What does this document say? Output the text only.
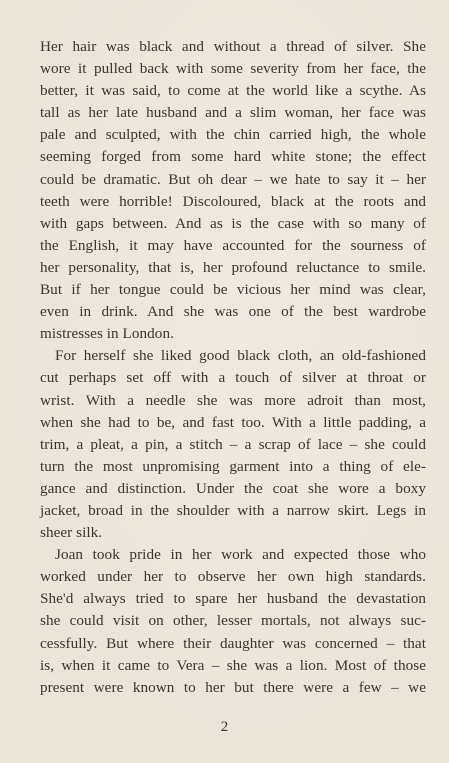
Her hair was black and without a thread of silver. She
wore it pulled back with some severity from her face, the
better, it was said, to come at the world like a scythe. As
tall as her late husband and a slim woman, her face was
pale and sculpted, with the chin carried high, the whole
seeming forged from some hard white stone; the effect
could be dramatic. But oh dear – we hate to say it – her
teeth were horrible! Discoloured, black at the roots and
with gaps between. And as is the case with so many of
the English, it may have accounted for the sourness of
her personality, that is, her profound reluctance to smile.
But if her tongue could be vicious her mind was clear,
even in drink. And she was one of the best wardrobe
mistresses in London.
For herself she liked good black cloth, an old-fashioned
cut perhaps set off with a touch of silver at throat or
wrist. With a needle she was more adroit than most,
when she had to be, and fast too. With a little padding, a
trim, a pleat, a pin, a stitch – a scrap of lace – she could
turn the most unpromising garment into a thing of ele-
gance and distinction. Under the coat she wore a boxy
jacket, broad in the shoulder with a narrow skirt. Legs in
sheer silk.
Joan took pride in her work and expected those who
worked under her to observe her own high standards.
She'd always tried to spare her husband the devastation
she could visit on other, lesser mortals, not always suc-
cessfully. But where their daughter was concerned – that
is, when it came to Vera – she was a lion. Most of those
present were known to her but there were a few – we
2
